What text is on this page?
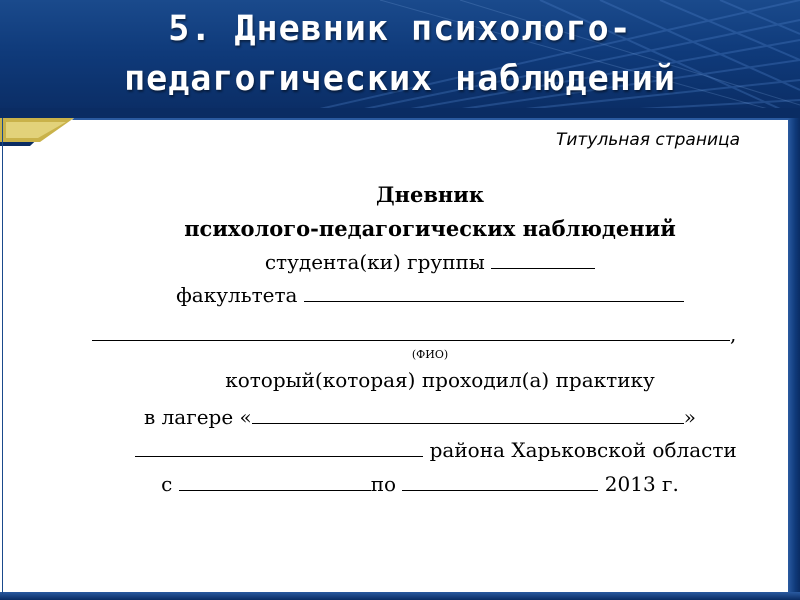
5. Дневник психолого-
педагогических наблюдений
Титульная страница
Дневник
психолого-педагогических наблюдений
студента(ки) группы
факультета
,
(ФИО)
который(которая) проходил(а) практику
в лагере «	»
района Харьковской области
с	по	2013 г.
